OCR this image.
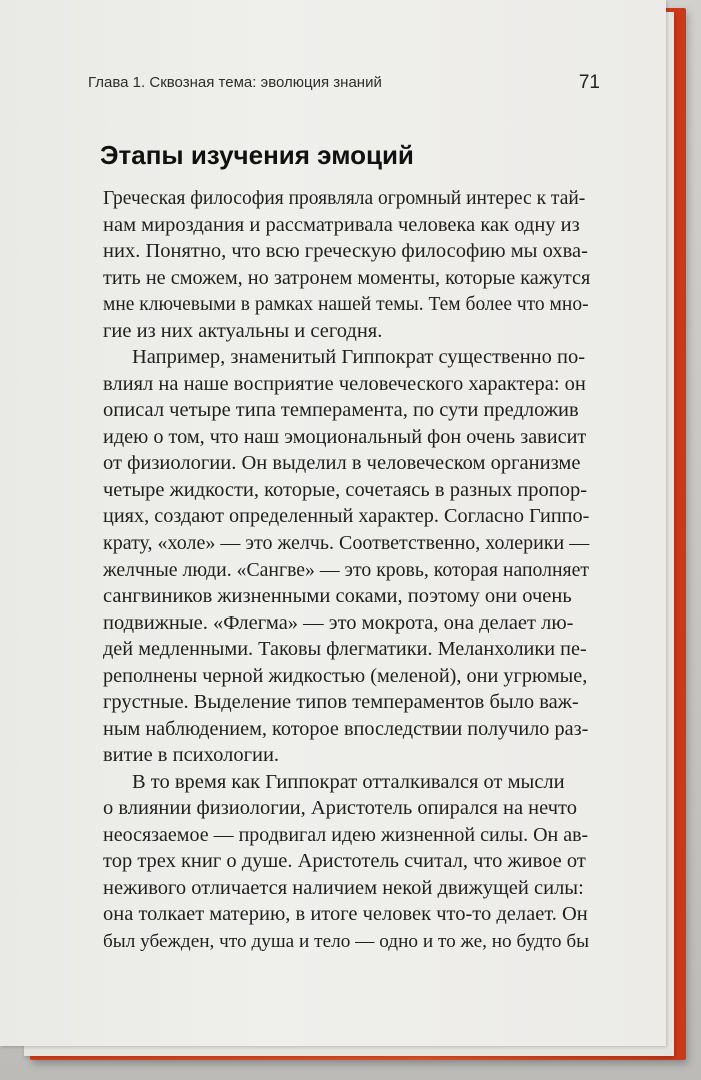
Глава 1. Сквозная тема: эволюция знаний	71
Этапы изучения эмоций
Греческая философия проявляла огромный интерес к тай-
нам мироздания и рассматривала человека как одну из
них. Понятно, что всю греческую философию мы охва-
тить не сможем, но затронем моменты, которые кажутся
мне ключевыми в рамках нашей темы. Тем более что мно-
гие из них актуальны и сегодня.
Например, знаменитый Гиппократ существенно по-
влиял на наше восприятие человеческого характера: он
описал четыре типа темперамента, по сути предложив
идею о том, что наш эмоциональный фон очень зависит
от физиологии. Он выделил в человеческом организме
четыре жидкости, которые, сочетаясь в разных пропор-
циях, создают определенный характер. Согласно Гиппо-
крату, «холе» — это желчь. Соответственно, холерики —
желчные люди. «Сангве» — это кровь, которая наполняет
сангвиников жизненными соками, поэтому они очень
подвижные. «Флегма» — это мокрота, она делает лю-
дей медленными. Таковы флегматики. Меланхолики пе-
реполнены черной жидкостью (меленой), они угрюмые,
грустные. Выделение типов темпераментов было важ-
ным наблюдением, которое впоследствии получило раз-
витие в психологии.
В то время как Гиппократ отталкивался от мысли
о влиянии физиологии, Аристотель опирался на нечто
неосязаемое — продвигал идею жизненной силы. Он ав-
тор трех книг о душе. Аристотель считал, что живое от
неживого отличается наличием некой движущей силы:
она толкает материю, в итоге человек что-то делает. Он
был убежден, что душа и тело — одно и то же, но будто бы
